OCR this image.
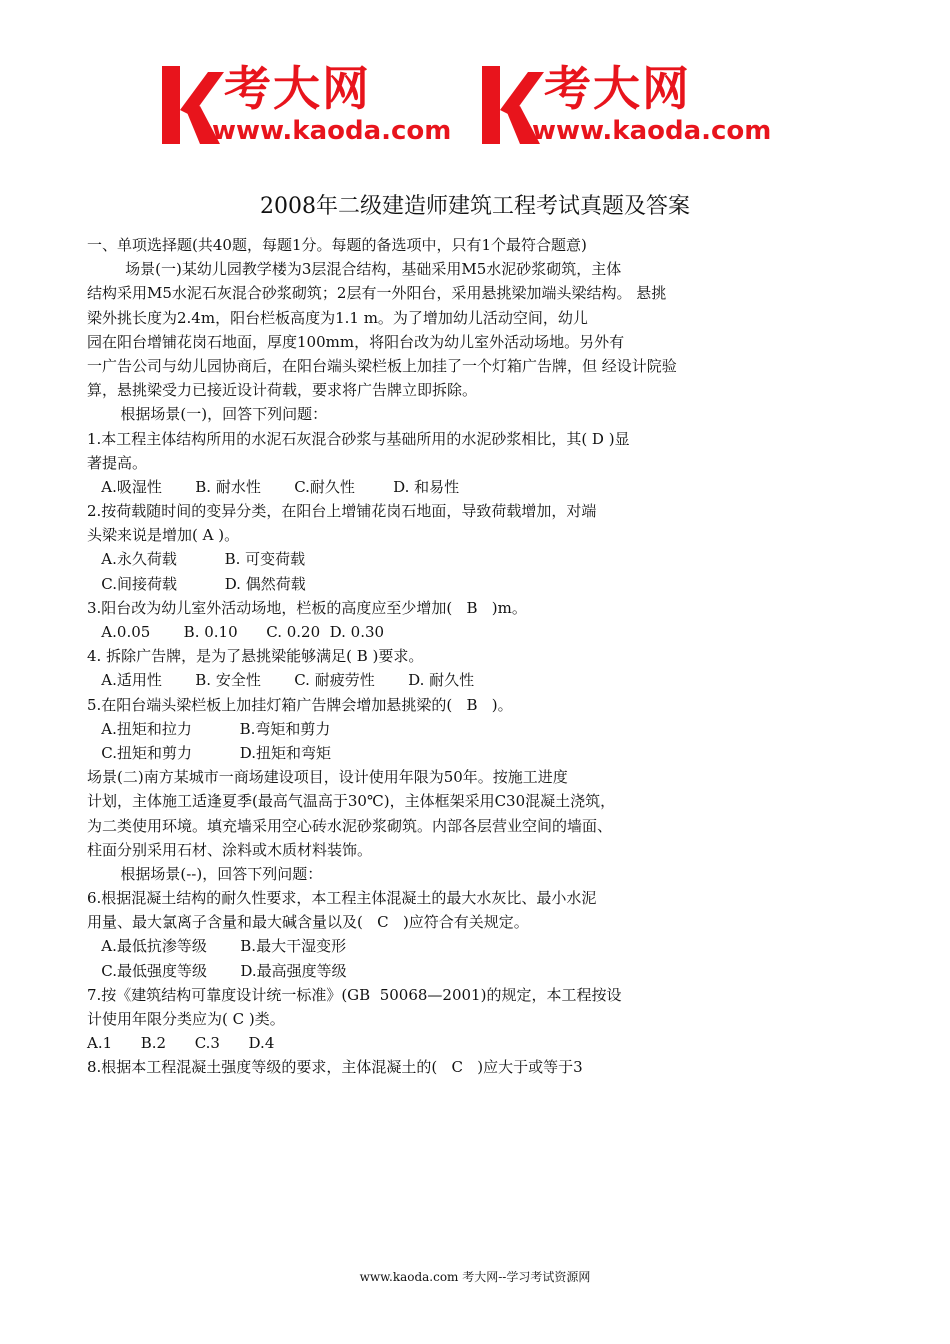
考大网
www.kaoda.com
考大网
www.kaoda.com
2008年二级建造师建筑工程考试真题及答案
一、单项选择题(共40题，每题1分。每题的备选项中，只有1个最符合题意)
场景(一)某幼儿园教学楼为3层混合结构，基础采用M5水泥砂浆砌筑，主体
结构采用M5水泥石灰混合砂浆砌筑；2层有一外阳台，采用悬挑梁加端头梁结构。 悬挑
梁外挑长度为2.4m，阳台栏板高度为1.1 m。为了增加幼儿活动空间，幼儿
园在阳台增铺花岗石地面，厚度100mm，将阳台改为幼儿室外活动场地。另外有
一广告公司与幼儿园协商后，在阳台端头梁栏板上加挂了一个灯箱广告牌，但 经设计院验
算，悬挑梁受力已接近设计荷载，要求将广告牌立即拆除。
根据场景(一)，回答下列问题：
1.本工程主体结构所用的水泥石灰混合砂浆与基础所用的水泥砂浆相比，其( D )显
著提高。
A.吸湿性       B. 耐水性       C.耐久性        D. 和易性
2.按荷载随时间的变异分类，在阳台上增铺花岗石地面，导致荷载增加，对端
头梁来说是增加( A )。
A.永久荷载          B. 可变荷载
C.间接荷载          D. 偶然荷载
3.阳台改为幼儿室外活动场地，栏板的高度应至少增加(   B   )m。
A.0.05       B. 0.10      C. 0.20  D. 0.30
4. 拆除广告牌，是为了悬挑梁能够满足( B )要求。
A.适用性       B. 安全性       C. 耐疲劳性       D. 耐久性
5.在阳台端头梁栏板上加挂灯箱广告牌会增加悬挑梁的(   B   )。
A.扭矩和拉力          B.弯矩和剪力
C.扭矩和剪力          D.扭矩和弯矩
场景(二)南方某城市一商场建设项目，设计使用年限为50年。按施工进度
计划，主体施工适逢夏季(最高气温高于30℃)，主体框架采用C30混凝土浇筑，
为二类使用环境。填充墙采用空心砖水泥砂浆砌筑。内部各层营业空间的墙面、
柱面分别采用石材、涂料或木质材料装饰。
根据场景(--)，回答下列问题：
6.根据混凝土结构的耐久性要求，本工程主体混凝土的最大水灰比、最小水泥
用量、最大氯离子含量和最大碱含量以及(   C   )应符合有关规定。
A.最低抗渗等级       B.最大干湿变形
C.最低强度等级       D.最高强度等级
7.按《建筑结构可靠度设计统一标准》(GB  50068—2001)的规定，本工程按设
计使用年限分类应为( C )类。
A.1      B.2      C.3      D.4
8.根据本工程混凝土强度等级的要求，主体混凝土的(   C   )应大于或等于3
www.kaoda.com 考大网--学习考试资源网
